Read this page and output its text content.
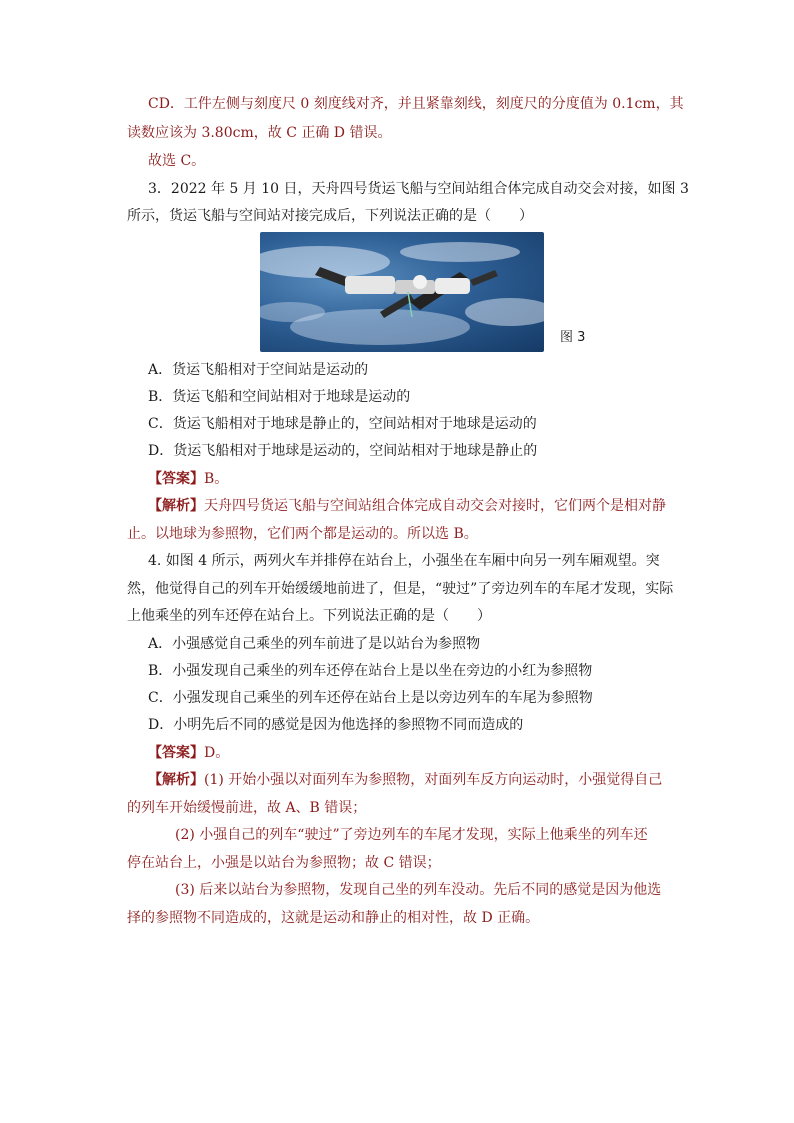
CD．工件左侧与刻度尺 0 刻度线对齐，并且紧靠刻线，刻度尺的分度值为 0.1cm，其

读数应该为 3.80cm，故 C 正确 D 错误。

故选 C。

3．2022 年 5 月 10 日，天舟四号货运飞船与空间站组合体完成自动交会对接，如图 3

所示，货运飞船与空间站对接完成后，下列说法正确的是（　　）

图 3

A．货运飞船相对于空间站是运动的

B．货运飞船和空间站相对于地球是运动的

C．货运飞船相对于地球是静止的，空间站相对于地球是运动的

D．货运飞船相对于地球是运动的，空间站相对于地球是静止的

【答案】B。

【解析】天舟四号货运飞船与空间站组合体完成自动交会对接时，它们两个是相对静

止。以地球为参照物，它们两个都是运动的。所以选 B。

4. 如图 4 所示，两列火车并排停在站台上，小强坐在车厢中向另一列车厢观望。突

然，他觉得自己的列车开始缓缓地前进了，但是，“驶过”了旁边列车的车尾才发现，实际

上他乘坐的列车还停在站台上。下列说法正确的是（　　）

A．小强感觉自己乘坐的列车前进了是以站台为参照物

B．小强发现自己乘坐的列车还停在站台上是以坐在旁边的小红为参照物

C．小强发现自己乘坐的列车还停在站台上是以旁边列车的车尾为参照物

D．小明先后不同的感觉是因为他选择的参照物不同而造成的

【答案】D。

【解析】(1) 开始小强以对面列车为参照物，对面列车反方向运动时，小强觉得自己

的列车开始缓慢前进，故 A、B 错误；

(2) 小强自己的列车“驶过”了旁边列车的车尾才发现，实际上他乘坐的列车还

停在站台上，小强是以站台为参照物；故 C 错误；

(3) 后来以站台为参照物，发现自己坐的列车没动。先后不同的感觉是因为他选

择的参照物不同造成的，这就是运动和静止的相对性，故 D 正确。
